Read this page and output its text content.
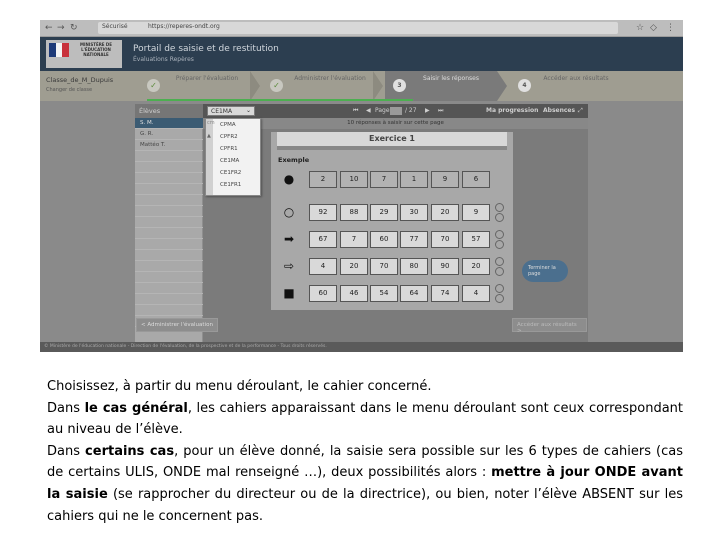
← → ↻	Sécurisé	https://reperes-ondt.org	☆ ◇ ⋮
MINISTÈRE DE L'ÉDUCATION NATIONALE
Portail de saisie et de restitution
Évaluations Repères
Classe_de_M_Dupuis
Changer de classe	✓
Préparer l'évaluation
✓
Administrer l'évaluation
3
Saisir les réponses
4
Accéder aux résultats
Élèves
S. M.
G. R.
Mattéo T.
CE1MA ⌄	⏮ ◀ Page	/ 27 ▶ ⏭	Ma progression Absences ⤢
10 réponses à saisir sur cette page
Terminer la page
cm
▲
CPMA
CPFR2
CPFR1
CE1MA
CE1FR2
CE1FR1
Exercice 1
Exemple
●	2	10	7	1	9	6
○	92	88	29	30	20	9
➡	67	7	60	77	70	57
⇨	4	20	70	80	90	20
■	60	46	54	64	74	4
< Administrer l'évaluation	Accéder aux résultats >
© Ministère de l'éducation nationale - Direction de l'évaluation, de la prospective et de la performance - Tous droits réservés.

Choisissez, à partir du menu déroulant, le cahier concerné.

Dans le cas général, les cahiers apparaissant dans le menu déroulant sont ceux correspondant au niveau de l’élève.

Dans certains cas, pour un élève donné, la saisie sera possible sur les 6 types de cahiers (cas de certains ULIS, ONDE mal renseigné …), deux possibilités alors : mettre à jour ONDE avant la saisie (se rapprocher du directeur ou de la directrice), ou bien, noter l’élève ABSENT sur les cahiers qui ne le concernent pas.
